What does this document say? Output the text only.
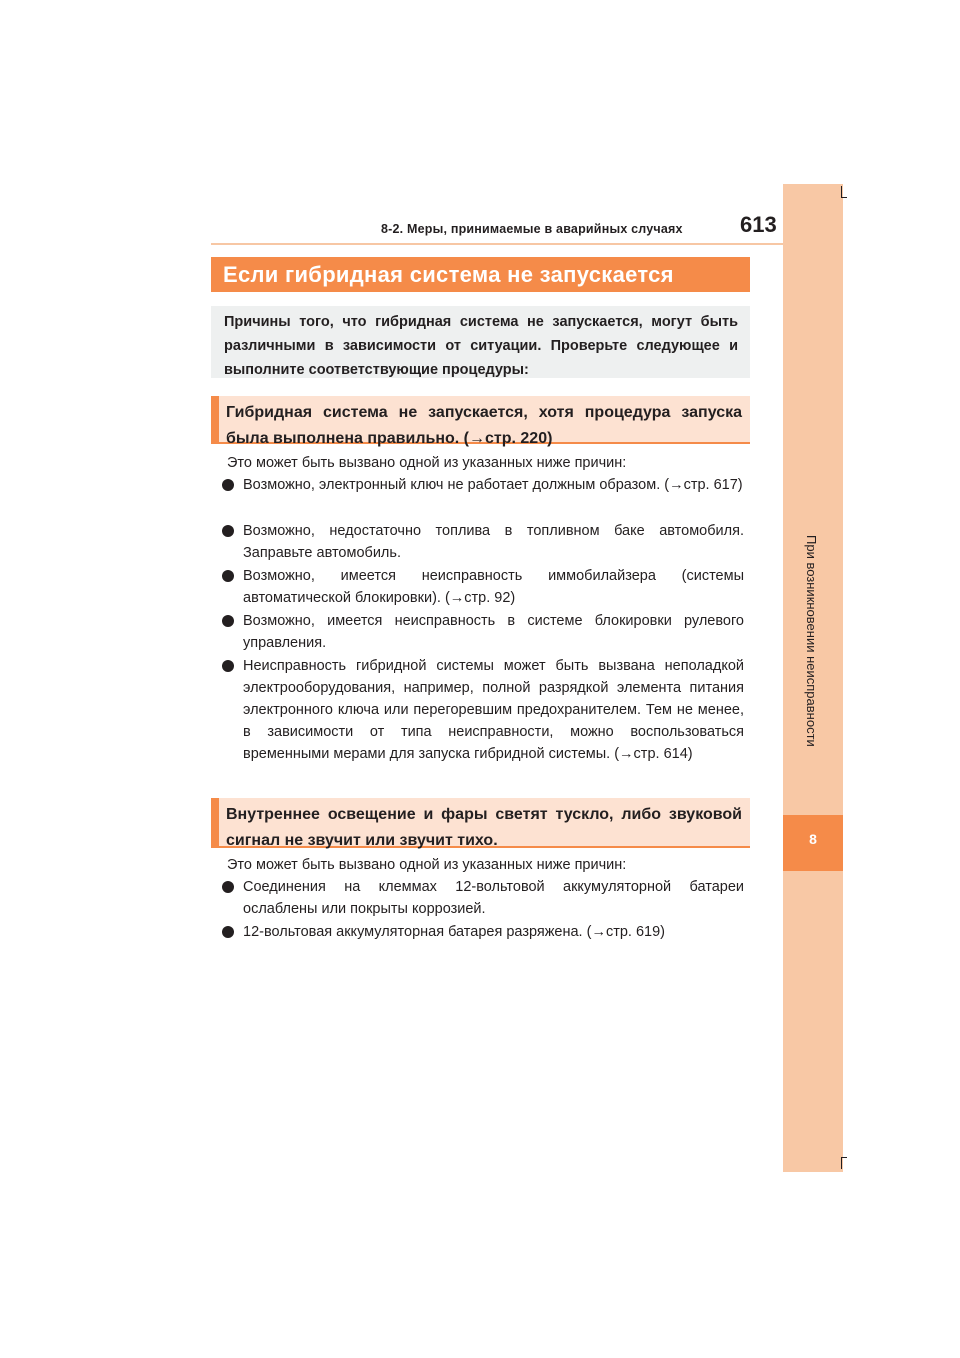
8-2. Меры, принимаемые в аварийных случаях	613
При возникновении неисправности
8
Если гибридная система не запускается
Причины того, что гибридная система не запускается, могут быть различными в зависимости от ситуации. Проверьте следующее и выполните соответствующие процедуры:
Гибридная система не запускается, хотя процедура запуска была выполнена правильно. (→стр. 220)
Это может быть вызвано одной из указанных ниже причин:
Возможно, электронный ключ не работает должным образом. (→стр. 617)
Возможно, недостаточно топлива в топливном баке автомобиля. Заправьте автомобиль.
Возможно, имеется неисправность иммобилайзера (системы автоматической блокировки). (→стр. 92)
Возможно, имеется неисправность в системе блокировки рулевого управления.
Неисправность гибридной системы может быть вызвана неполадкой электрооборудования, например, полной разрядкой элемента питания электронного ключа или перегоревшим предохранителем. Тем не менее, в зависимости от типа неисправности, можно воспользоваться временными мерами для запуска гибридной системы. (→стр. 614)
Внутреннее освещение и фары светят тускло, либо звуковой сигнал не звучит или звучит тихо.
Это может быть вызвано одной из указанных ниже причин:
Соединения на клеммах 12-вольтовой аккумуляторной батареи ослаблены или покрыты коррозией.
12-вольтовая аккумуляторная батарея разряжена. (→стр. 619)
